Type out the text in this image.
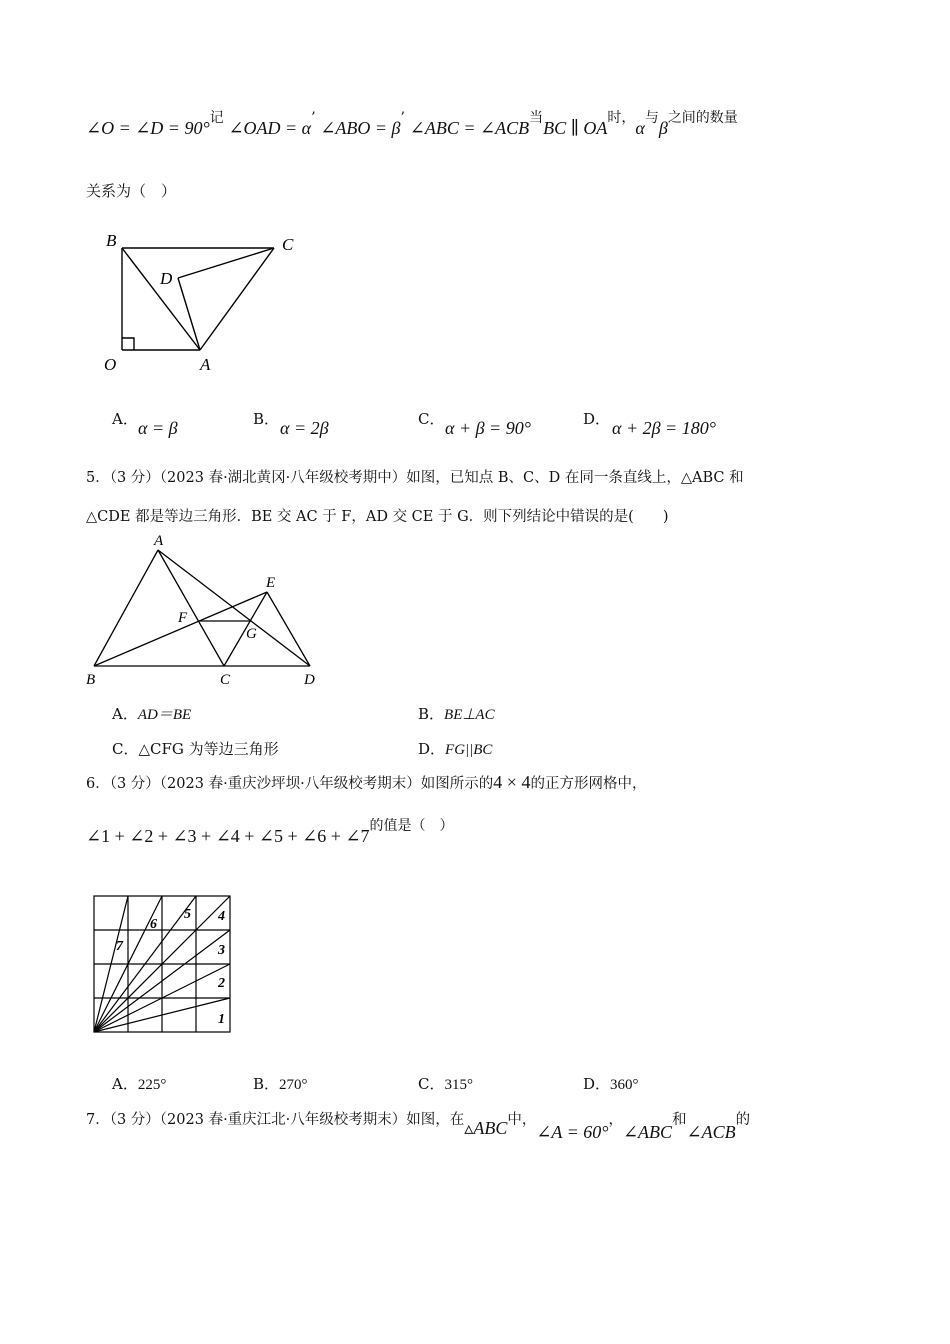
∠O = ∠D = 90°记 ∠OAD = α’ ∠ABO = β’ ∠ABC = ∠ACB当BC ∥ OA时，α与β之间的数量
关系为（　）
B	C
D
O	A
A． α = β	B． α = 2β	C． α + β = 90°	D． α + 2β = 180°
5．（3 分）（2023 春·湖北黄冈·八年级校考期中）如图，已知点 B、C、D 在同一条直线上，△ABC 和
△CDE 都是等边三角形．BE 交 AC 于 F，AD 交 CE 于 G．则下列结论中错误的是(　　)
A
E
F
G
B	C	D
A．AD＝BE	B．BE⊥AC
C．△CFG 为等边三角形	D．FG||BC
6．（3 分）（2023 春·重庆沙坪坝·八年级校考期末）如图所示的4 × 4的正方形网格中，
∠1 + ∠2 + ∠3 + ∠4 + ∠5 + ∠6 + ∠7的值是（　）
1
2
3
4
5
6
7
A．225°	B．270°	C．315°	D．360°
7．（3 分）（2023 春·重庆江北·八年级校考期末）如图，在▵ABC中，∠A = 60°，∠ABC和∠ACB的
